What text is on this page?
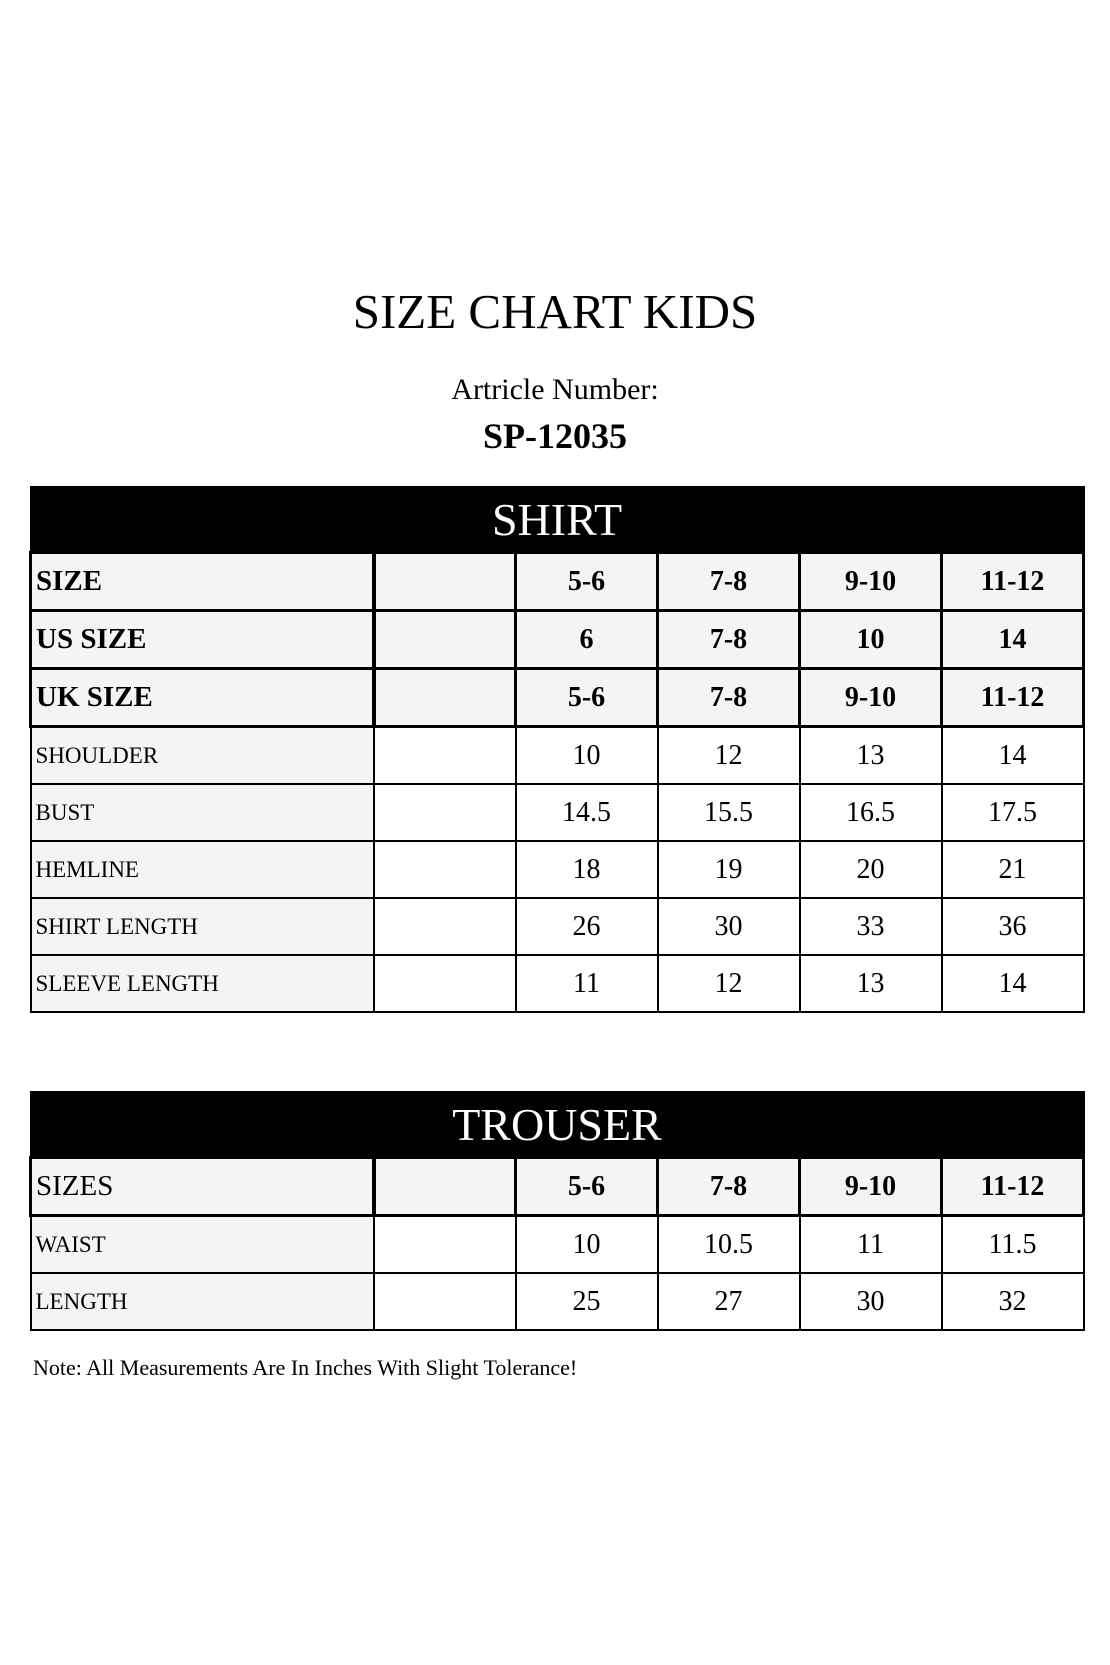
SIZE CHART KIDS
Artricle Number:
SP-12035
SHIRT					
SIZE		5-6	7-8	9-10	11-12
US SIZE		6	7-8	10	14
UK SIZE		5-6	7-8	9-10	11-12
SHOULDER		10	12	13	14
BUST		14.5	15.5	16.5	17.5
HEMLINE		18	19	20	21
SHIRT LENGTH		26	30	33	36
SLEEVE LENGTH		11	12	13	14
TROUSER					
SIZES		5-6	7-8	9-10	11-12
WAIST		10	10.5	11	11.5
LENGTH		25	27	30	32
Note: All Measurements Are In Inches With Slight Tolerance!
